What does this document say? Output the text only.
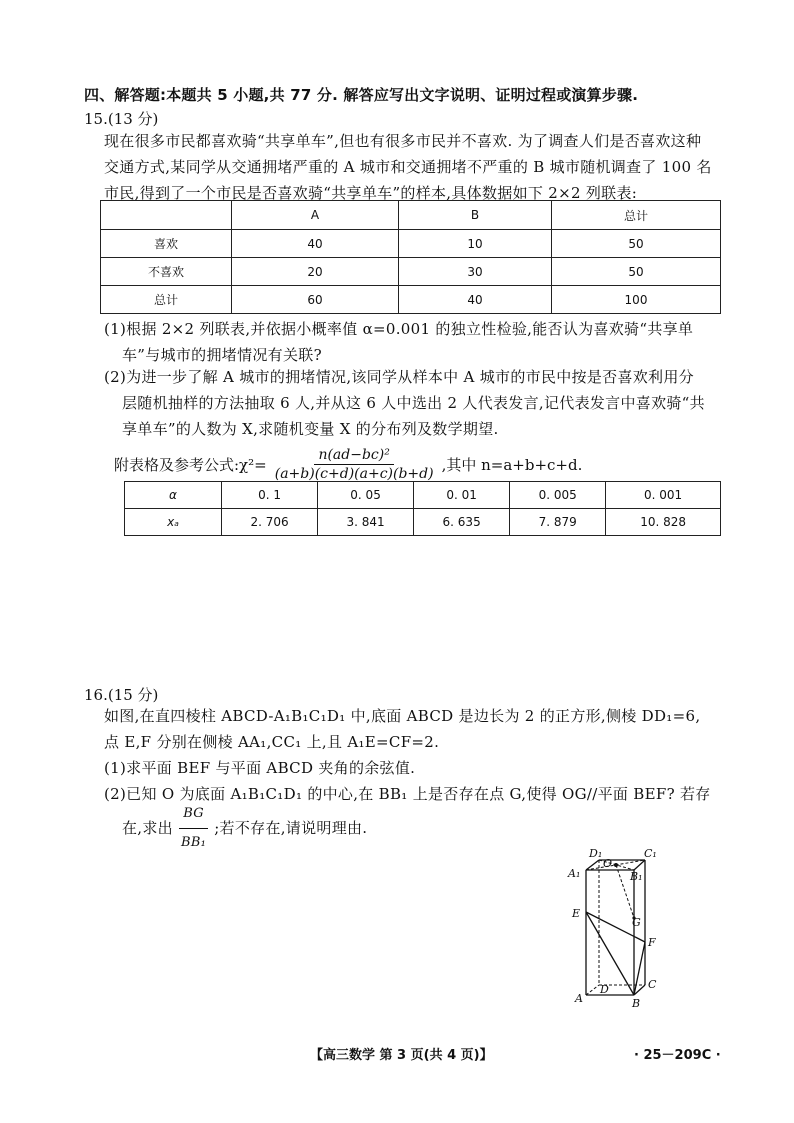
四、解答题:本题共 5 小题,共 77 分. 解答应写出文字说明、证明过程或演算步骤.
15.(13 分)
现在很多市民都喜欢骑“共享单车”,但也有很多市民并不喜欢. 为了调查人们是否喜欢这种
交通方式,某同学从交通拥堵严重的 A 城市和交通拥堵不严重的 B 城市随机调查了 100 名
市民,得到了一个市民是否喜欢骑“共享单车”的样本,具体数据如下 2×2 列联表:
	A	B	总计
喜欢	40	10	50
不喜欢	20	30	50
总计	60	40	100
(1)根据 2×2 列联表,并依据小概率值 α=0.001 的独立性检验,能否认为喜欢骑“共享单
车”与城市的拥堵情况有关联?
(2)为进一步了解 A 城市的拥堵情况,该同学从样本中 A 城市的市民中按是否喜欢利用分
层随机抽样的方法抽取 6 人,并从这 6 人中选出 2 人代表发言,记代表发言中喜欢骑“共
享单车”的人数为 X,求随机变量 X 的分布列及数学期望.
附表格及参考公式:χ²= $\frac{\text{n(ad−bc)²}}{(a+b)(c+d)(a+c)(b+d)}$ ,其中 n=a+b+c+d.
α	0. 1	0. 05	0. 01	0. 005	0. 001
xₐ	2. 706	3. 841	6. 635	7. 879	10. 828
16.(15 分)
如图,在直四棱柱 ABCD-A₁B₁C₁D₁ 中,底面 ABCD 是边长为 2 的正方形,侧棱 DD₁=6,
点 E,F 分别在侧棱 AA₁,CC₁ 上,且 A₁E=CF=2.
(1)求平面 BEF 与平面 ABCD 夹角的余弦值.
(2)已知 O 为底面 A₁B₁C₁D₁ 的中心,在 BB₁ 上是否存在点 G,使得 OG//平面 BEF? 若存
在,求出 $\frac{BG}{\text{BB₁}}$ ;若不存在,请说明理由.
D₁	C₁
O
A₁	B₁
E
G
F
C
D
A	B
【高三数学 第 3 页(共 4 页)】	· 25－209C ·
